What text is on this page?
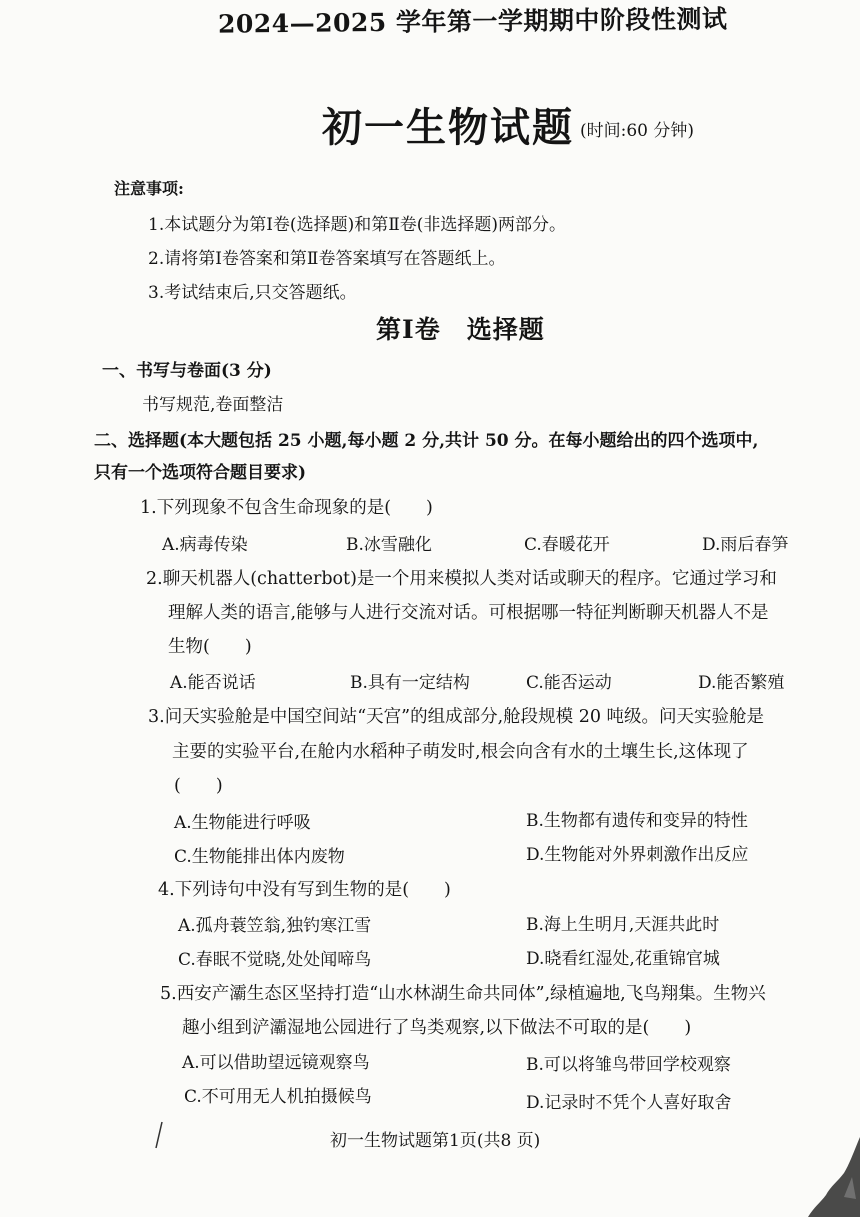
2024—2025 学年第一学期期中阶段性测试
初一生物试题 (时间:60 分钟)
注意事项:
1.本试题分为第Ⅰ卷(选择题)和第Ⅱ卷(非选择题)两部分。
2.请将第Ⅰ卷答案和第Ⅱ卷答案填写在答题纸上。
3.考试结束后,只交答题纸。
第Ⅰ卷　选择题
一、书写与卷面(3 分)
书写规范,卷面整洁
二、选择题(本大题包括 25 小题,每小题 2 分,共计 50 分。在每小题给出的四个选项中,
只有一个选项符合题目要求)
1.下列现象不包含生命现象的是(　　)
A.病毒传染	B.冰雪融化	C.春暖花开	D.雨后春笋
2.聊天机器人(chatterbot)是一个用来模拟人类对话或聊天的程序。它通过学习和
理解人类的语言,能够与人进行交流对话。可根据哪一特征判断聊天机器人不是
生物(　　)
A.能否说话	B.具有一定结构	C.能否运动	D.能否繁殖
3.问天实验舱是中国空间站“天宫”的组成部分,舱段规模 20 吨级。问天实验舱是
主要的实验平台,在舱内水稻种子萌发时,根会向含有水的土壤生长,这体现了
(　　)
A.生物能进行呼吸	B.生物都有遗传和变异的特性
C.生物能排出体内废物	D.生物能对外界刺激作出反应
4.下列诗句中没有写到生物的是(　　)
A.孤舟蓑笠翁,独钓寒江雪	B.海上生明月,天涯共此时
C.春眠不觉晓,处处闻啼鸟	D.晓看红湿处,花重锦官城
5.西安产灞生态区坚持打造“山水林湖生命共同体”,绿植遍地,飞鸟翔集。生物兴
趣小组到浐灞湿地公园进行了鸟类观察,以下做法不可取的是(　　)
A.可以借助望远镜观察鸟	B.可以将雏鸟带回学校观察
C.不可用无人机拍摄候鸟	D.记录时不凭个人喜好取舍
初一生物试题第1页(共8 页)
